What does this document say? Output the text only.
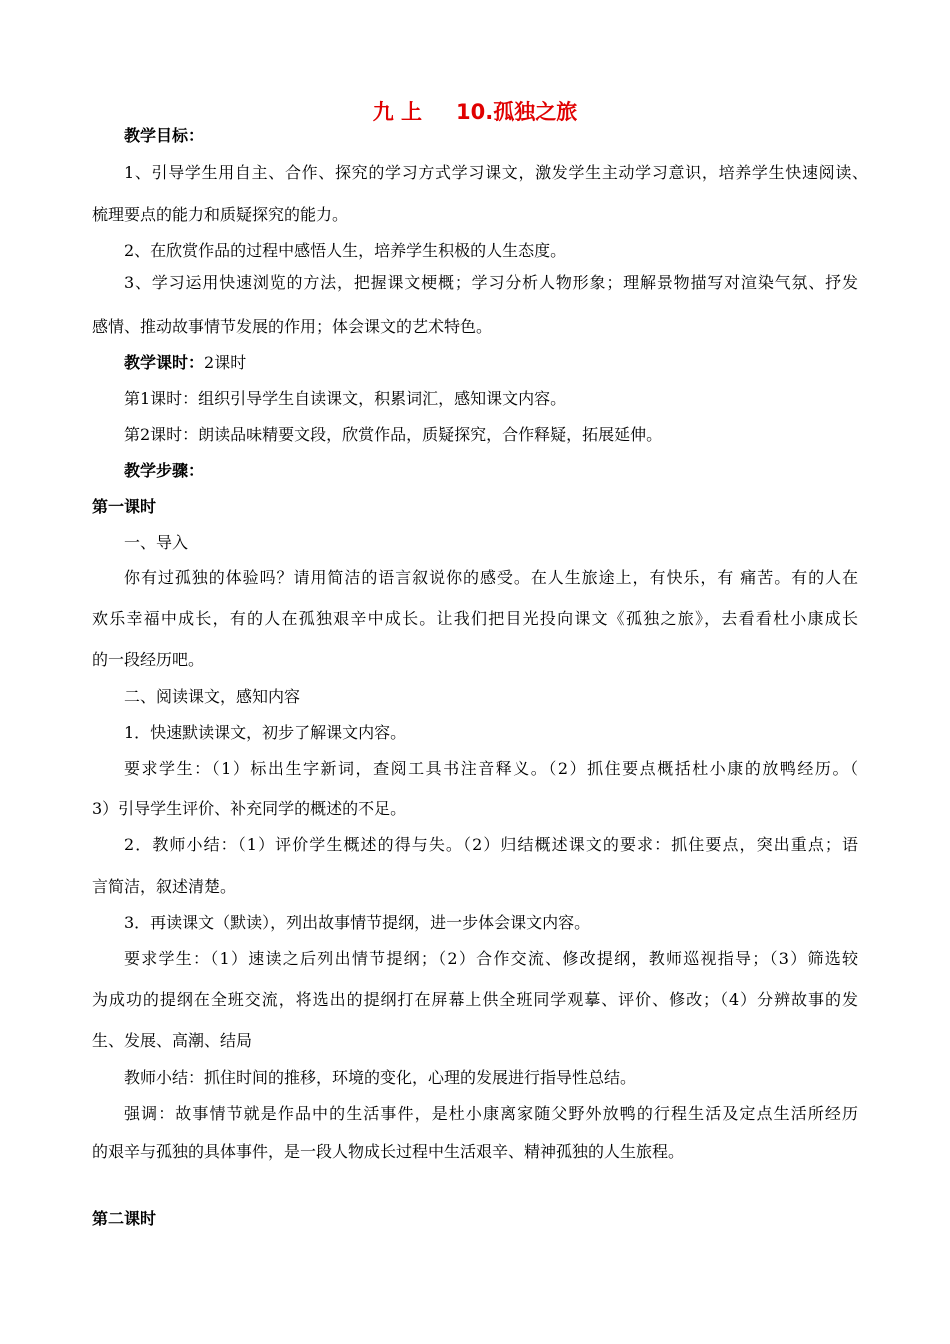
九 上 10.孤独之旅
教学目标：
1、引导学生用自主、合作、探究的学习方式学习课文，激发学生主动学习意识，培养学生快速阅读、
梳理要点的能力和质疑探究的能力。
2、在欣赏作品的过程中感悟人生，培养学生积极的人生态度。
3、学习运用快速浏览的方法，把握课文梗概；学习分析人物形象；理解景物描写对渲染气氛、抒发
感情、推动故事情节发展的作用；体会课文的艺术特色。
教学课时：2课时
第1课时：组织引导学生自读课文，积累词汇，感知课文内容。
第2课时：朗读品味精要文段，欣赏作品，质疑探究，合作释疑，拓展延伸。
教学步骤：
第一课时
一、导入
你有过孤独的体验吗？请用简洁的语言叙说你的感受。在人生旅途上，有快乐，有 痛苦。有的人在
欢乐幸福中成长，有的人在孤独艰辛中成长。让我们把目光投向课文《孤独之旅》，去看看杜小康成长
的一段经历吧。
二、阅读课文，感知内容
1．快速默读课文，初步了解课文内容。
要求学生：（1）标出生字新词，查阅工具书注音释义。（2）抓住要点概括杜小康的放鸭经历。（
3）引导学生评价、补充同学的概述的不足。
2．教师小结：（1）评价学生概述的得与失。（2）归结概述课文的要求：抓住要点，突出重点；语
言简洁，叙述清楚。
3．再读课文（默读），列出故事情节提纲，进一步体会课文内容。
要求学生：（1）速读之后列出情节提纲；（2）合作交流、修改提纲，教师巡视指导；（3）筛选较
为成功的提纲在全班交流，将选出的提纲打在屏幕上供全班同学观摹、评价、修改；（4）分辨故事的发
生、发展、高潮、结局
教师小结：抓住时间的推移，环境的变化，心理的发展进行指导性总结。
强调：故事情节就是作品中的生活事件，是杜小康离家随父野外放鸭的行程生活及定点生活所经历
的艰辛与孤独的具体事件，是一段人物成长过程中生活艰辛、精神孤独的人生旅程。
第二课时
